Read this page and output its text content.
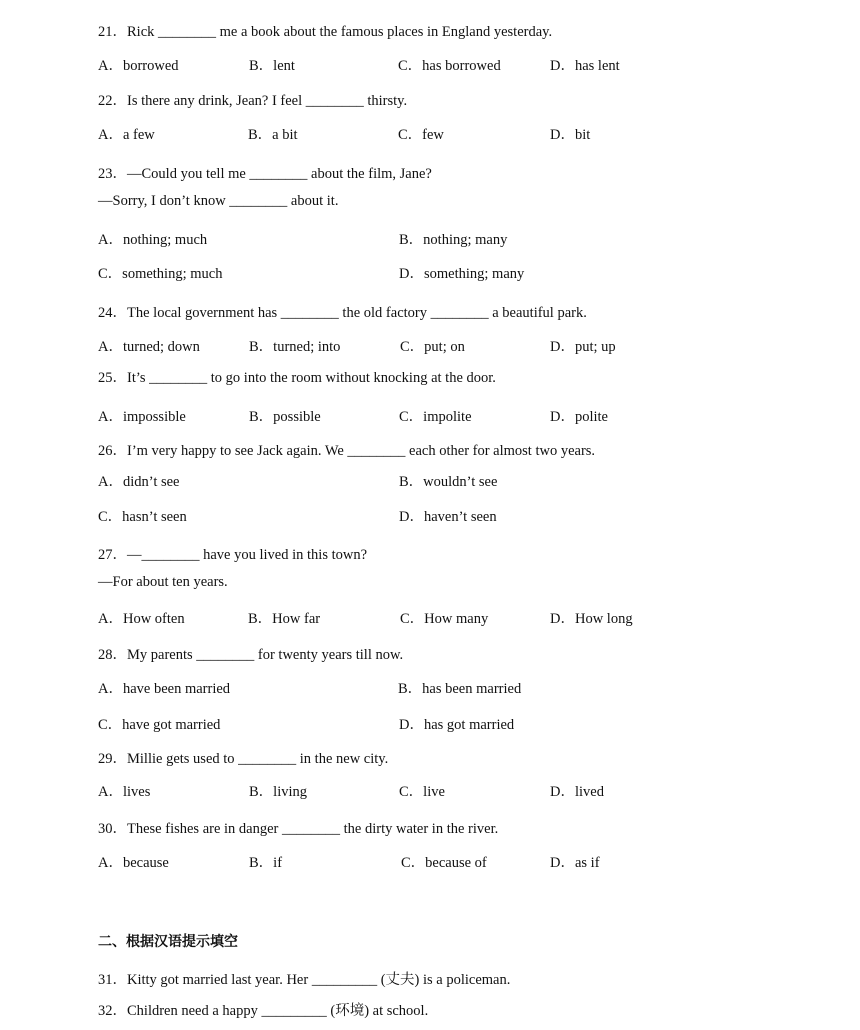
21．Rick ________ me a book about the famous places in England yesterday.
A．borrowed	B．lent	C．has borrowed	D．has lent
22．Is there any drink, Jean? I feel ________ thirsty.
A．a few	B．a bit	C．few	D．bit
23．—Could you tell me ________ about the film, Jane?
—Sorry, I don’t know ________ about it.
A．nothing; much	B．nothing; many
C．something; much	D．something; many
24．The local government has ________ the old factory ________ a beautiful park.
A．turned; down	B．turned; into	C．put; on	D．put; up
25．It’s ________ to go into the room without knocking at the door.
A．impossible	B．possible	C．impolite	D．polite
26．I’m very happy to see Jack again. We ________ each other for almost two years.
A．didn’t see	B．wouldn’t see
C．hasn’t seen	D．haven’t seen
27．—________ have you lived in this town?
—For about ten years.
A．How often	B．How far	C．How many	D．How long
28．My parents ________ for twenty years till now.
A．have been married	B．has been married
C．have got married	D．has got married
29．Millie gets used to ________ in the new city.
A．lives	B．living	C．live	D．lived
30．These fishes are in danger ________ the dirty water in the river.
A．because	B．if	C．because of	D．as if
二、根据汉语提示填空
31．Kitty got married last year. Her _________ (丈夫) is a policeman.
32．Children need a happy _________ (环境) at school.
